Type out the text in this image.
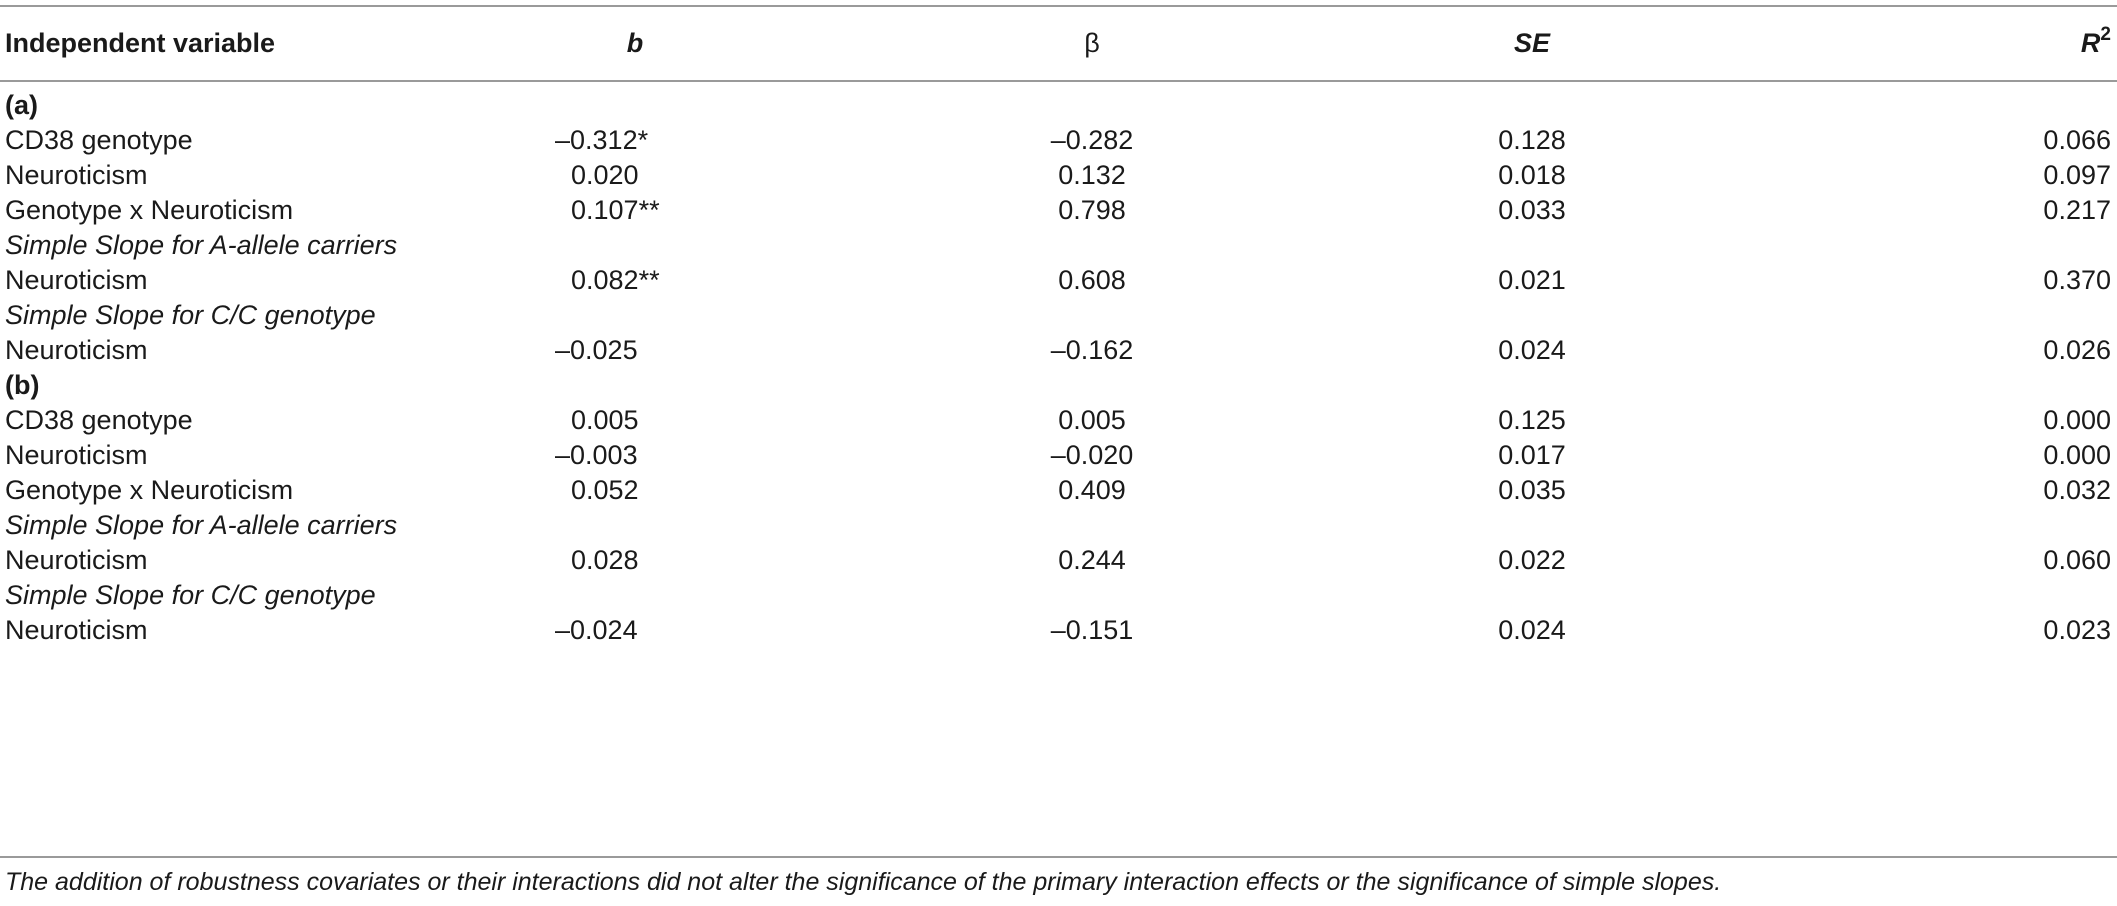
Independent variable	b	β	SE	$R^2$
(a)
CD38 genotype	–0.312*	–0.282	0.128	0.066
Neuroticism	0.020	0.132	0.018	0.097
Genotype x Neuroticism	0.107**	0.798	0.033	0.217
Simple Slope for A-allele carriers
Neuroticism	0.082**	0.608	0.021	0.370
Simple Slope for C/C genotype
Neuroticism	–0.025	–0.162	0.024	0.026
(b)
CD38 genotype	0.005	0.005	0.125	0.000
Neuroticism	–0.003	–0.020	0.017	0.000
Genotype x Neuroticism	0.052	0.409	0.035	0.032
Simple Slope for A-allele carriers
Neuroticism	0.028	0.244	0.022	0.060
Simple Slope for C/C genotype
Neuroticism	–0.024	–0.151	0.024	0.023
The addition of robustness covariates or their interactions did not alter the significance of the primary interaction effects or the significance of simple slopes.
